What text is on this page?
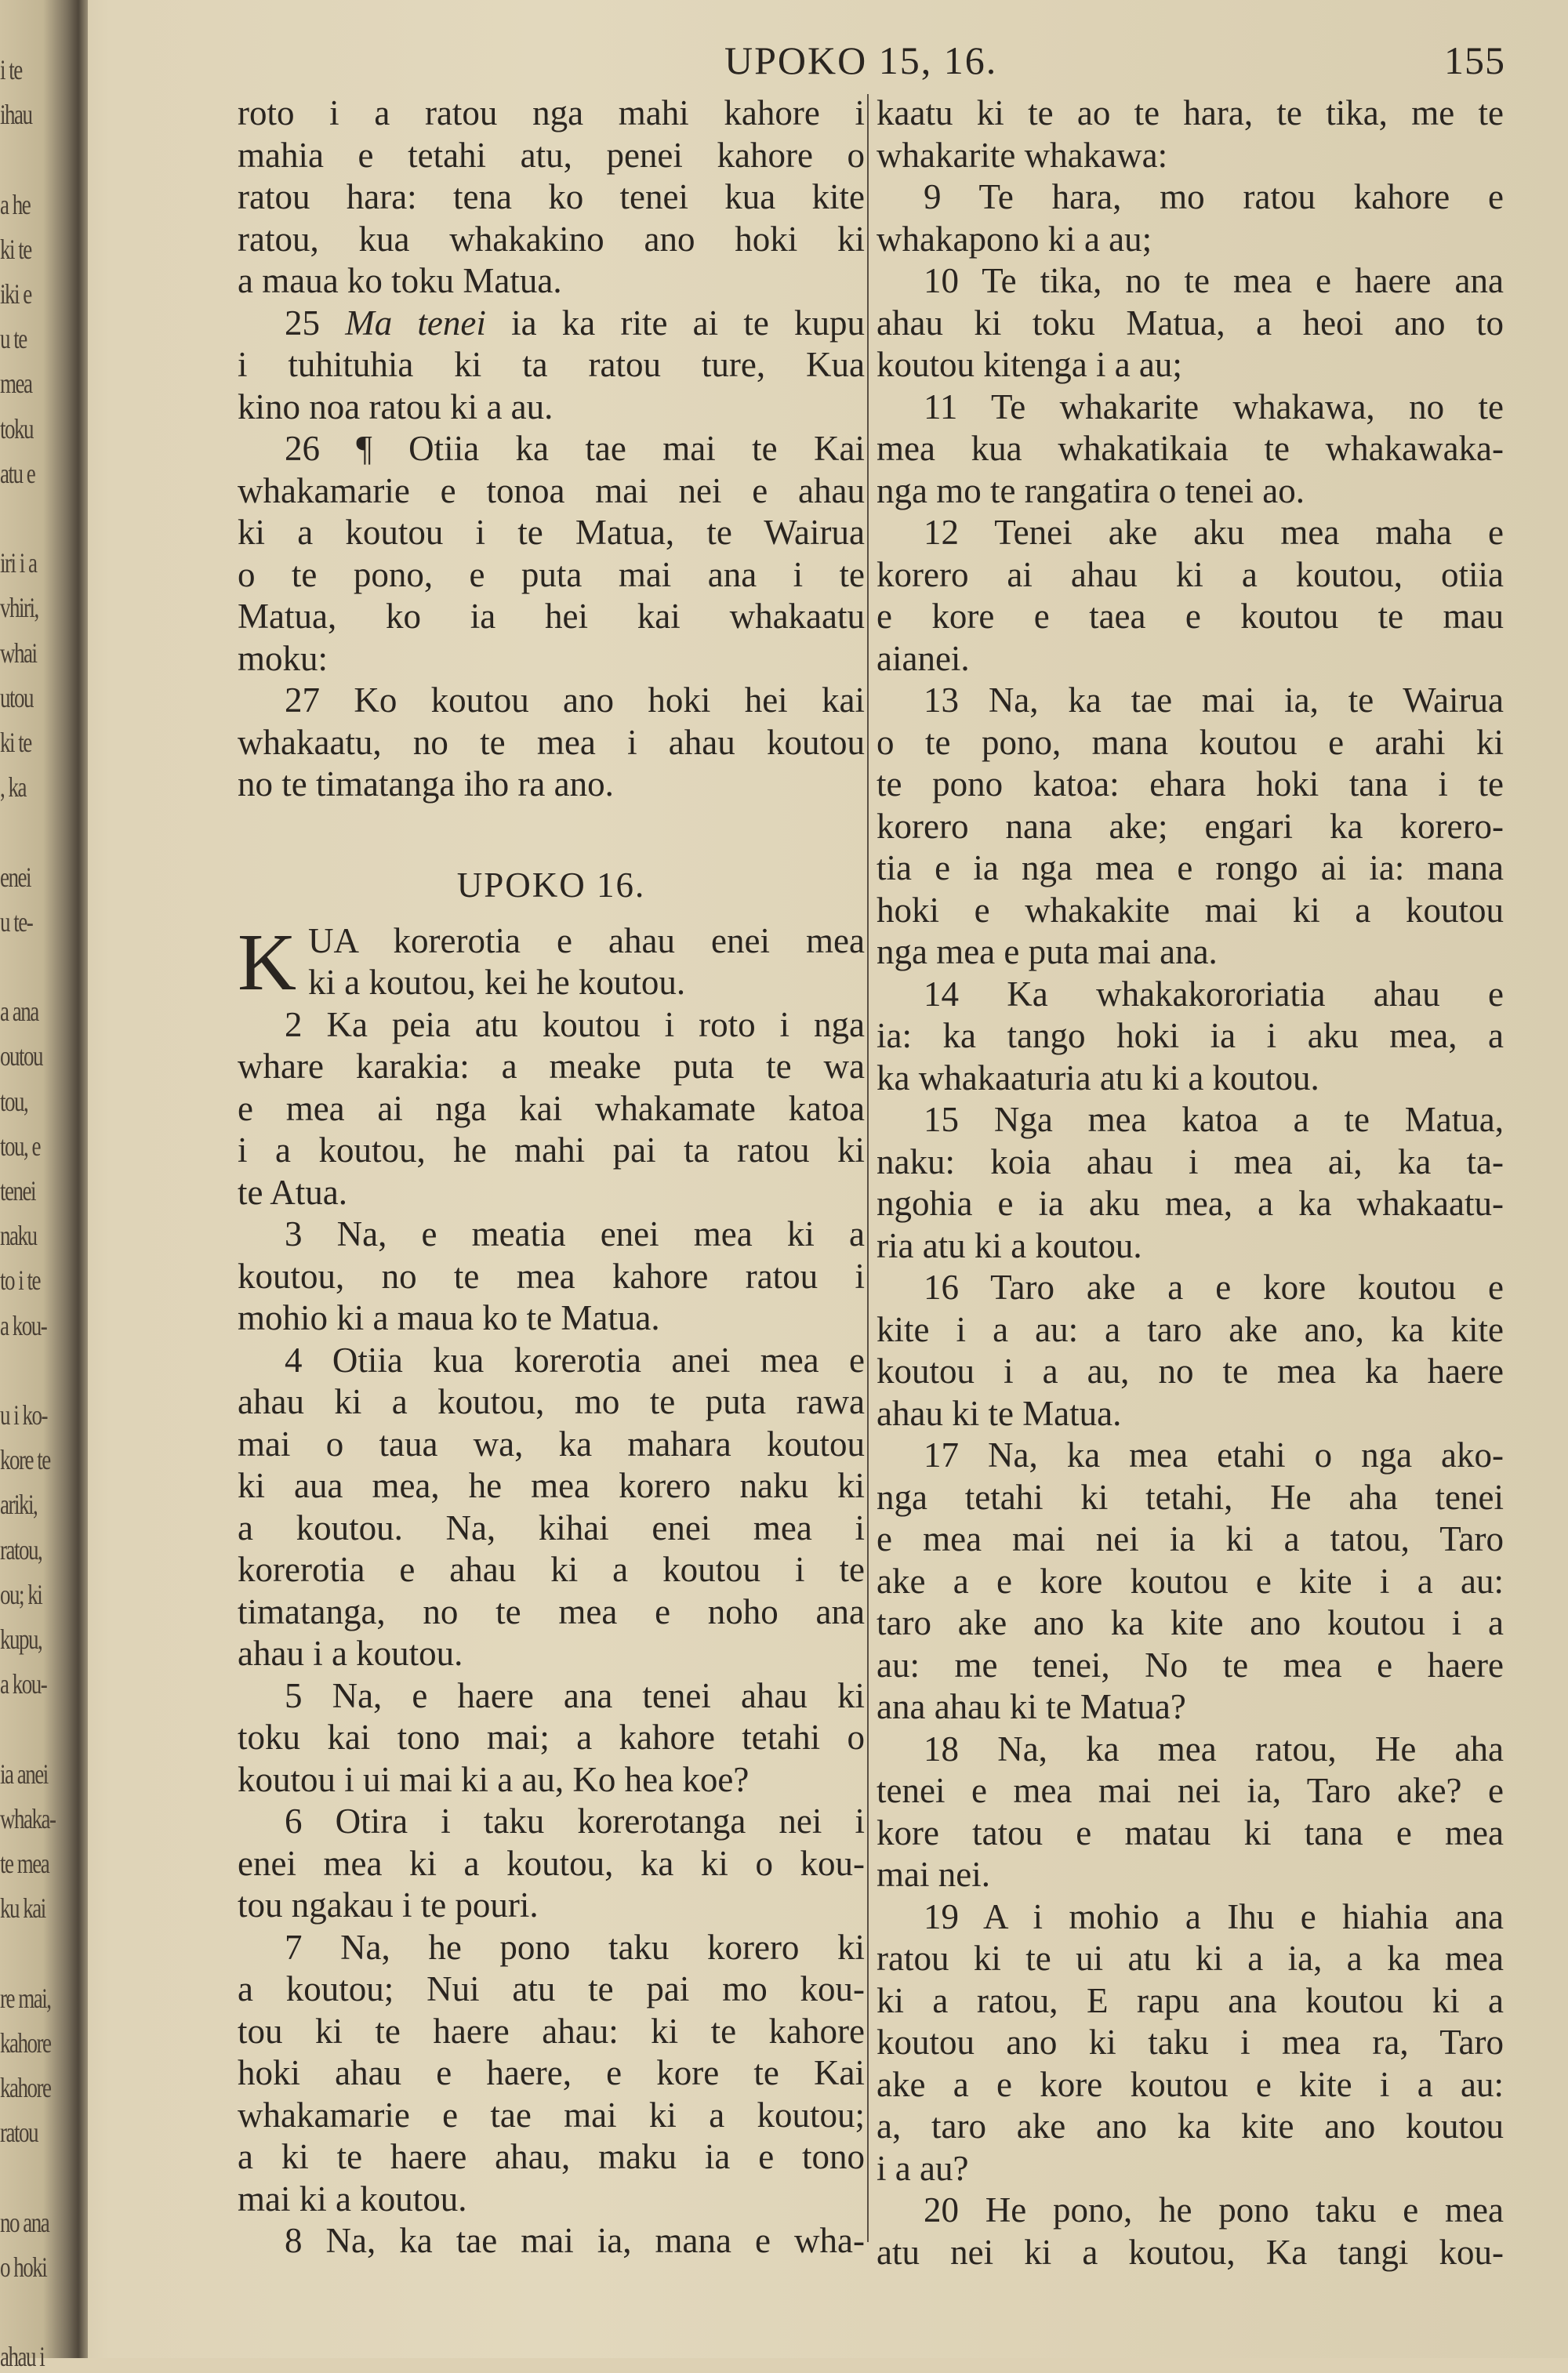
i te
ihau
a he
ki te
iki e
u te
mea
toku
atu e
iri i a
vhiri,
whai
utou
ki te
, ka
enei
u te-
a ana
outou
tou,
tou, e
tenei
naku
to i te
a kou-
u i ko-
kore te
ariki,
ratou,
ou; ki
kupu,
a kou-
ia anei
whaka-
te mea
ku kai
re mai,
kahore
kahore
ratou
no ana
o hoki
ahau i
UPOKO 15, 16.	155
roto i a ratou nga mahi kahore i
mahia e tetahi atu, penei kahore o
ratou hara: tena ko tenei kua kite
ratou, kua whakakino ano hoki ki
a maua ko toku Matua.
25 Ma tenei ia ka rite ai te kupu
i tuhituhia ki ta ratou ture, Kua
kino noa ratou ki a au.
26 ¶ Otiia ka tae mai te Kai
whakamarie e tonoa mai nei e ahau
ki a koutou i te Matua, te Wairua
o te pono, e puta mai ana i te
Matua, ko ia hei kai whakaatu
moku:
27 Ko koutou ano hoki hei kai
whakaatu, no te mea i ahau koutou
no te timatanga iho ra ano.
UPOKO 16.
K UA korerotia e ahau enei mea
ki a koutou, kei he koutou.
2 Ka peia atu koutou i roto i nga
whare karakia: a meake puta te wa
e mea ai nga kai whakamate katoa
i a koutou, he mahi pai ta ratou ki
te Atua.
3 Na, e meatia enei mea ki a
koutou, no te mea kahore ratou i
mohio ki a maua ko te Matua.
4 Otiia kua korerotia anei mea e
ahau ki a koutou, mo te puta rawa
mai o taua wa, ka mahara koutou
ki aua mea, he mea korero naku ki
a koutou. Na, kihai enei mea i
korerotia e ahau ki a koutou i te
timatanga, no te mea e noho ana
ahau i a koutou.
5 Na, e haere ana tenei ahau ki
toku kai tono mai; a kahore tetahi o
koutou i ui mai ki a au, Ko hea koe?
6 Otira i taku korerotanga nei i
enei mea ki a koutou, ka ki o kou-
tou ngakau i te pouri.
7 Na, he pono taku korero ki
a koutou; Nui atu te pai mo kou-
tou ki te haere ahau: ki te kahore
hoki ahau e haere, e kore te Kai
whakamarie e tae mai ki a koutou;
a ki te haere ahau, maku ia e tono
mai ki a koutou.
8 Na, ka tae mai ia, mana e wha-
kaatu ki te ao te hara, te tika, me te
whakarite whakawa:
9 Te hara, mo ratou kahore e
whakapono ki a au;
10 Te tika, no te mea e haere ana
ahau ki toku Matua, a heoi ano to
koutou kitenga i a au;
11 Te whakarite whakawa, no te
mea kua whakatikaia te whakawaka-
nga mo te rangatira o tenei ao.
12 Tenei ake aku mea maha e
korero ai ahau ki a koutou, otiia
e kore e taea e koutou te mau
aianei.
13 Na, ka tae mai ia, te Wairua
o te pono, mana koutou e arahi ki
te pono katoa: ehara hoki tana i te
korero nana ake; engari ka korero-
tia e ia nga mea e rongo ai ia: mana
hoki e whakakite mai ki a koutou
nga mea e puta mai ana.
14 Ka whakakororiatia ahau e
ia: ka tango hoki ia i aku mea, a
ka whakaaturia atu ki a koutou.
15 Nga mea katoa a te Matua,
naku: koia ahau i mea ai, ka ta-
ngohia e ia aku mea, a ka whakaatu-
ria atu ki a koutou.
16 Taro ake a e kore koutou e
kite i a au: a taro ake ano, ka kite
koutou i a au, no te mea ka haere
ahau ki te Matua.
17 Na, ka mea etahi o nga ako-
nga tetahi ki tetahi, He aha tenei
e mea mai nei ia ki a tatou, Taro
ake a e kore koutou e kite i a au:
taro ake ano ka kite ano koutou i a
au: me tenei, No te mea e haere
ana ahau ki te Matua?
18 Na, ka mea ratou, He aha
tenei e mea mai nei ia, Taro ake? e
kore tatou e matau ki tana e mea
mai nei.
19 A i mohio a Ihu e hiahia ana
ratou ki te ui atu ki a ia, a ka mea
ki a ratou, E rapu ana koutou ki a
koutou ano ki taku i mea ra, Taro
ake a e kore koutou e kite i a au:
a, taro ake ano ka kite ano koutou
i a au?
20 He pono, he pono taku e mea
atu nei ki a koutou, Ka tangi kou-
